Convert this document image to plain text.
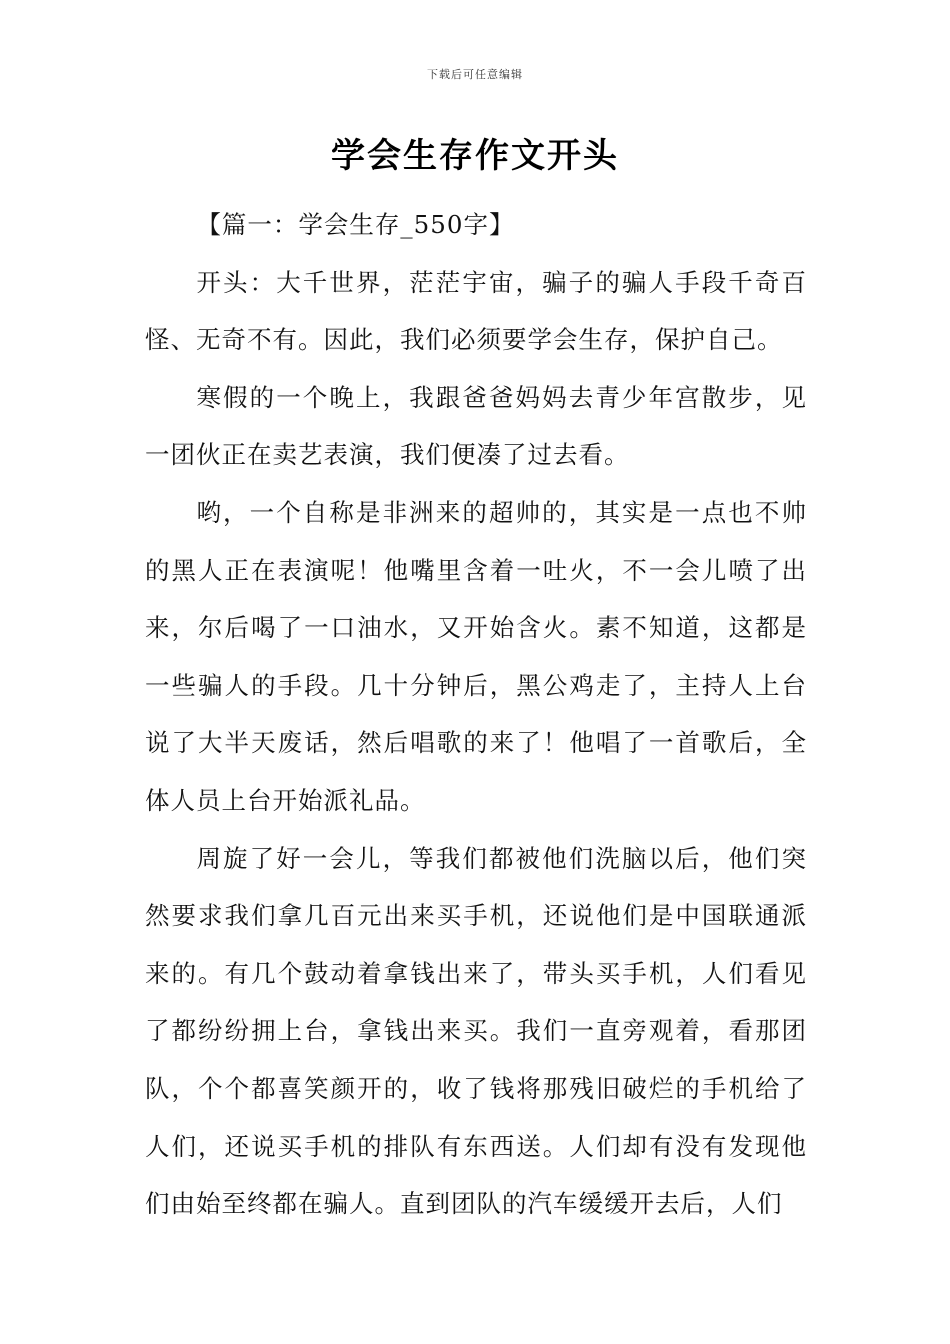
下载后可任意编辑
学会生存作文开头

【篇一：学会生存_550字】

开头：大千世界，茫茫宇宙，骗子的骗人手段千奇百怪、无奇不有。因此，我们必须要学会生存，保护自己。

寒假的一个晚上，我跟爸爸妈妈去青少年宫散步，见一团伙正在卖艺表演，我们便凑了过去看。

哟，一个自称是非洲来的超帅的，其实是一点也不帅的黑人正在表演呢！他嘴里含着一吐火，不一会儿喷了出来，尔后喝了一口油水，又开始含火。素不知道，这都是一些骗人的手段。几十分钟后，黑公鸡走了，主持人上台说了大半天废话，然后唱歌的来了！他唱了一首歌后，全体人员上台开始派礼品。

周旋了好一会儿，等我们都被他们洗脑以后，他们突然要求我们拿几百元出来买手机，还说他们是中国联通派来的。有几个鼓动着拿钱出来了，带头买手机，人们看见了都纷纷拥上台，拿钱出来买。我们一直旁观着，看那团队，个个都喜笑颜开的，收了钱将那残旧破烂的手机给了人们，还说买手机的排队有东西送。人们却有没有发现他们由始至终都在骗人。直到团队的汽车缓缓开去后，人们
